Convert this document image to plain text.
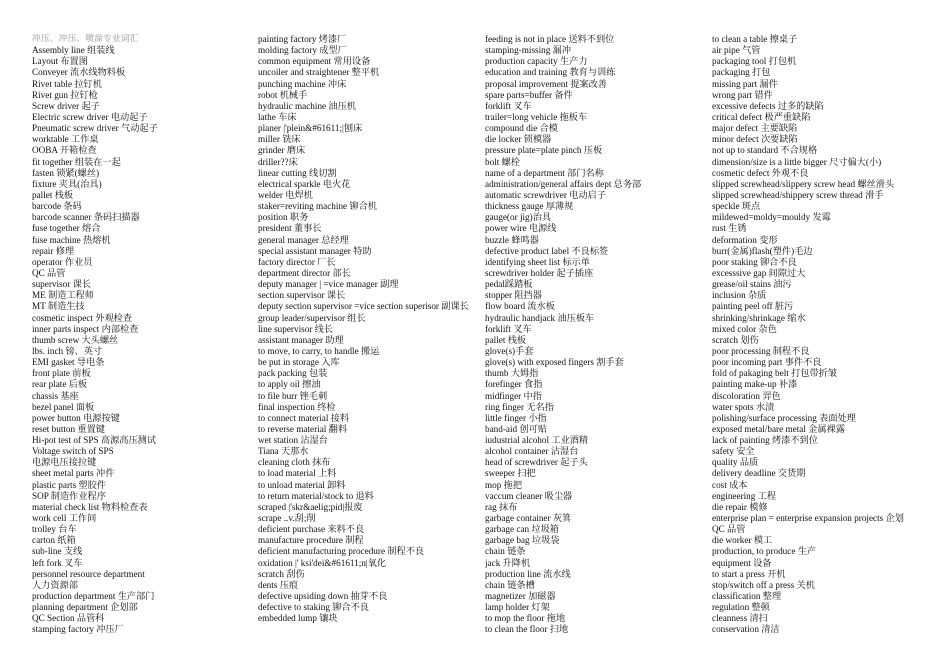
冲压、冲压、喷涂专业词汇
Assembly line 组装线
Layout 布置图
Conveyer 流水线物料板
Rivet table 拉钉机
Rivet gun 拉钉枪
Screw driver 起子
Electric screw driver 电动起子
Pneumatic screw driver 气动起子
worktable 工作桌
OOBA 开箱检查
fit together 组装在一起
fasten 锁紧(螺丝)
fixture 夹具(治具)
pallet 栈板
barcode 条码
barcode scanner 条码扫描器
fuse together 熔合
fuse machine 热熔机
repair 修理
operator 作业员
QC 品管
supervisor 课长
ME 制造工程师
MT 制造生技
cosmetic inspect 外观检查
inner parts inspect 内部检查
thumb screw 大头螺丝
lbs. inch 镑、英寸
EMI gasket 导电条
front plate 前板
rear plate 后板
chassis 基座
bezel panel 面板
power button 电源按键
reset button 重置键
Hi-pot test of SPS 高源高压测试
Voltage switch of SPS
电源电压接拉键
sheet metal parts 冲件
plastic parts 塑胶件
SOP 制造作业程序
material check list 物料检查表
work cell 工作间
trolley 台车
carton 纸箱
sub-line 支线
left fork 叉车
personnel resource department
人力资源部
production department 生产部门
planning department 企划部
QC Section 品管科
stamping factory 冲压厂
painting factory 烤漆厂
molding factory 成型厂
common equipment 常用设备
uncoiler and straightener 整平机
punching machine 冲床
robot 机械手
hydraulic machine 油压机
lathe 车床
planer |'plein&#61611;|刨床
miller 铣床
grinder 磨床
driller??床
linear cutting 线切割
electrical sparkle 电火花
welder 电焊机
staker=reviting machine 铆合机
position 职务
president 董事长
general manager 总经理
special assistant manager 特助
factory director 厂长
department director 部长
deputy manager | =vice manager 副理
section supervisor 课长
deputy section supervisor =vice section superisor 副课长
group leader/supervisor 组长
line supervisor 线长
assistant manager 助理
to move, to carry, to handle 搬运
be put in storage 入库
pack packing 包装
to apply oil 擦油
to file burr 锉毛刺
final inspection 终检
to connect material 接料
to reverse material 翻料
wet station 沾湿台
Tiana 天那水
cleaning cloth 抹布
to load material 上料
to unload material 卸料
to return material/stock to 退料
scraped |'skr&aelig;pid|报废
scrape ..v.刮;削
deficient purchase 来料不良
manufacture procedure 制程
deficient manufacturing procedure 制程不良
oxidation |' ksi'dei&#61611;n|氧化
scratch 刮伤
dents 压痕
defective upsiding down 抽芽不良
defective to staking 铆合不良
embedded lump 镶块
feeding is not in place 送料不到位
stamping-missing 漏冲
production capacity 生产力
education and training 教育与训练
proposal improvement 提案改善
spare parts=buffer 备件
forklift 叉车
trailer=long vehicle 拖板车
compound die 合模
die locker 锁模器
pressure plate=plate pinch 压板
bolt 螺栓
name of a department 部门名称
administration/general affairs dept 总务部
automatic screwdriver 电动启子
thickness gauge 厚薄规
gauge(or jig)治具
power wire 电源线
buzzle 蜂鸣器
defective product label 不良标签
identifying sheet list 标示单
screwdriver holder 起子插座
pedal踩踏板
stopper 阻挡器
flow board 流水板
hydraulic handjack 油压板车
forklift 叉车
pallet 栈板
glove(s)手套
glove(s) with exposed fingers 割手套
thumb 大姆指
forefinger 食指
midfinger 中指
ring finger 无名指
little finger 小指
band-aid 创可贴
iudustrial alcohol 工业酒精
alcohol container 沾湿台
head of screwdriver 起子头
sweeper 扫把
mop 拖把
vaccum cleaner 吸尘器
rag 抹布
garbage container 灰箕
garbage can 垃圾箱
garbage bag 垃圾袋
chain 链条
jack 升降机
production line 流水线
chain 链条槽
magnetizer 加磁器
lamp holder 灯架
to mop the floor 拖地
to clean the floor 扫地
to clean a table 擦桌子
air pipe 气管
packaging tool 打包机
packaging 打包
missing part 漏件
wrong part 错件
excessive defects 过多的缺陷
critical defect 极严重缺陷
major defect 主要缺陷
minor defect 次要缺陷
not up to standard 不合规格
dimension/size is a little bigger 尺寸偏大(小)
cosmetic defect 外观不良
slipped screwhead/slippery screw head 螺丝滑头
slipped screwhead/shippery screw thread 滑手
speckle 斑点
mildewed=moldy=mouldy 发霉
rust 生锈
deformation 变形
burr(金属)flash(塑件)毛边
poor staking 铆合不良
excesssive gap 间隙过大
grease/oil stains 油污
inclusion 杂质
painting peel off 脏污
shrinking/shrinkage 缩水
mixed color 杂色
scratch 划伤
poor processing 制程不良
poor incoming part 事件不良
fold of pakaging belt 打包带折皱
painting make-up 补漆
discoloration 羿色
water spots 水渍
polishing/surface processing 表面处理
exposed metal/bare metal 金属裸露
lack of painting 烤漆不到位
safety 安全
quality 品质
delivery deadline 交货期
cost 成本
engineering 工程
die repair 模修
enterprise plan = enterprise expansion projects 企划
QC 品管
die worker 模工
production, to produce 生产
equipment 设备
to start a press 开机
stop/switch off a press 关机
classification 整理
regulation 整顿
cleanness 清扫
conservation 清洁
